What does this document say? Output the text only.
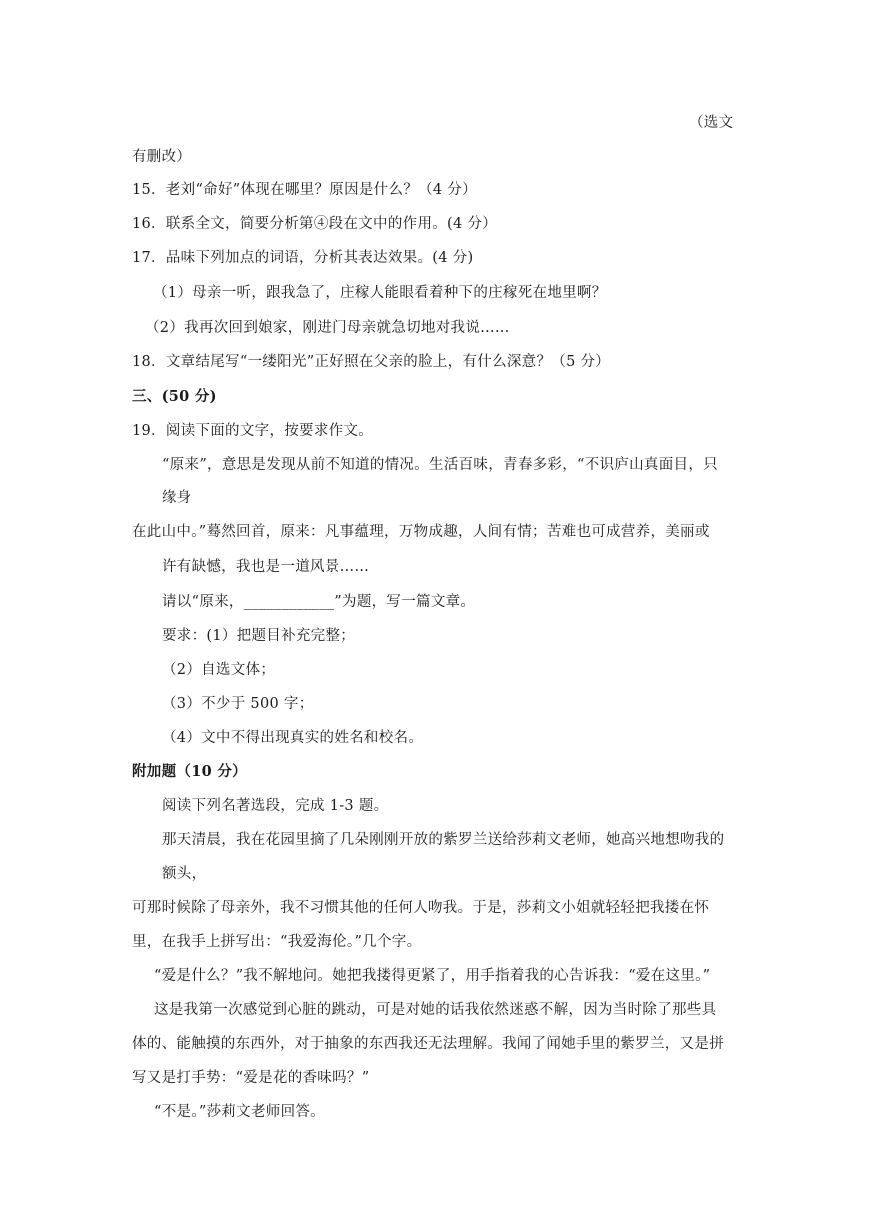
（选文
有删改）
15．老刘“命好”体现在哪里？原因是什么？（4 分）
16．联系全文，简要分析第④段在文中的作用。(4 分）
17．品味下列加点的词语，分析其表达效果。(4 分)
（1）母亲一听，跟我急了，庄稼人能眼看着种下的庄稼死在地里啊？
（2）我再次回到娘家，刚进门母亲就急切地对我说……
18．文章结尾写“一缕阳光”正好照在父亲的脸上，有什么深意？（5 分）
三、(50 分)
19．阅读下面的文字，按要求作文。
“原来”，意思是发现从前不知道的情况。生活百味，青春多彩，“不识庐山真面目，只
缘身
在此山中。”蓦然回首，原来：凡事蕴理，万物成趣，人间有情；苦难也可成营养，美丽或
许有缺憾，我也是一道风景……
请以“原来，____________”为题，写一篇文章。
要求：(1）把题目补充完整；
（2）自选文体；
（3）不少于 500 字；
（4）文中不得出现真实的姓名和校名。
附加题（10 分）
阅读下列名著选段，完成 1-3 题。
那天清晨，我在花园里摘了几朵刚刚开放的紫罗兰送给莎莉文老师，她高兴地想吻我的
额头，
可那时候除了母亲外，我不习惯其他的任何人吻我。于是，莎莉文小姐就轻轻把我搂在怀
里，在我手上拼写出：“我爱海伦。”几个字。
“爱是什么？”我不解地问。她把我搂得更紧了，用手指着我的心告诉我：“爱在这里。”
这是我第一次感觉到心脏的跳动，可是对她的话我依然迷惑不解，因为当时除了那些具
体的、能触摸的东西外，对于抽象的东西我还无法理解。我闻了闻她手里的紫罗兰，又是拼
写又是打手势：“爱是花的香味吗？”
“不是。”莎莉文老师回答。
